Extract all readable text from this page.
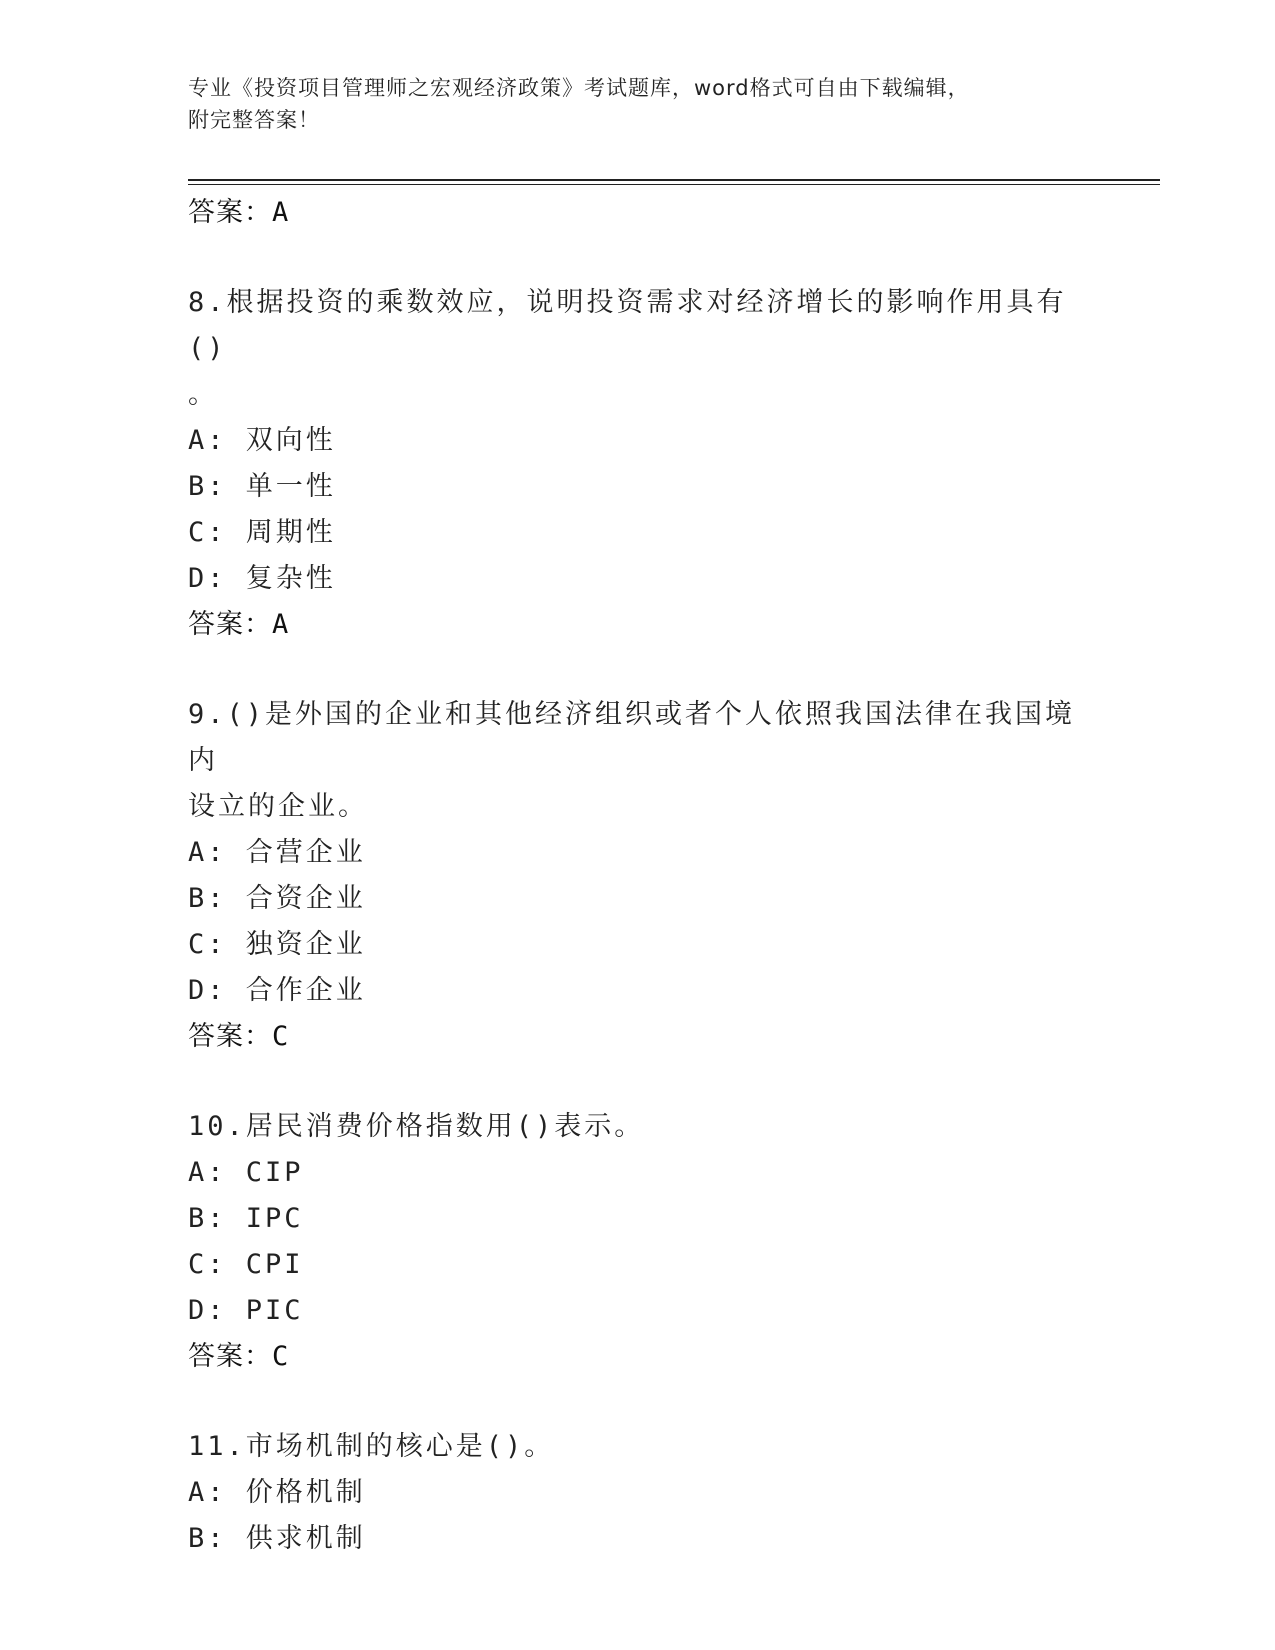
专业《投资项目管理师之宏观经济政策》考试题库，word格式可自由下载编辑，
附完整答案！
答案：A
8.根据投资的乘数效应，说明投资需求对经济增长的影响作用具有()
。
A: 双向性
B: 单一性
C: 周期性
D: 复杂性
答案：A
9.()是外国的企业和其他经济组织或者个人依照我国法律在我国境内
设立的企业。
A: 合营企业
B: 合资企业
C: 独资企业
D: 合作企业
答案：C
10.居民消费价格指数用()表示。
A: CIP
B: IPC
C: CPI
D: PIC
答案：C
11.市场机制的核心是()。
A: 价格机制
B: 供求机制
